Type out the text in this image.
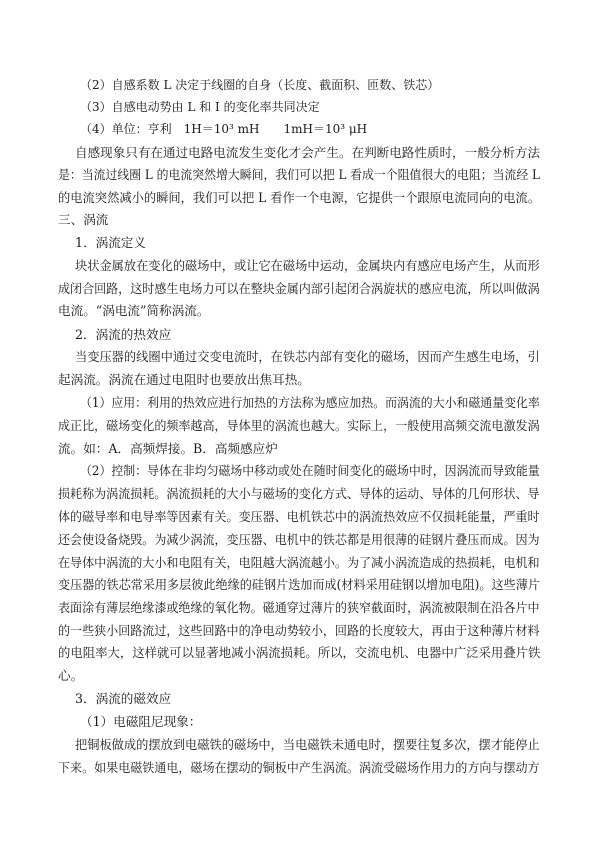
（2）自感系数 L 决定于线圈的自身（长度、截面积、匝数、铁芯）
（3）自感电动势由 L 和 I 的变化率共同决定
（4）单位：亨利　1H＝10³ mH　　1mH＝10³ μH
自感现象只有在通过电路电流发生变化才会产生。在判断电路性质时，一般分析方法
是：当流过线圈 L 的电流突然增大瞬间，我们可以把 L 看成一个阻值很大的电阻；当流经 L
的电流突然减小的瞬间，我们可以把 L 看作一个电源，它提供一个跟原电流同向的电流。
三、涡流
1．涡流定义
块状金属放在变化的磁场中，或让它在磁场中运动，金属块内有感应电场产生，从而形
成闭合回路，这时感生电场力可以在整块金属内部引起闭合涡旋状的感应电流，所以叫做涡
电流。“涡电流”简称涡流。
2．涡流的热效应
当变压器的线圈中通过交变电流时，在铁芯内部有变化的磁场，因而产生感生电场，引
起涡流。涡流在通过电阻时也要放出焦耳热。
（1）应用：利用的热效应进行加热的方法称为感应加热。而涡流的大小和磁通量变化率
成正比，磁场变化的频率越高，导体里的涡流也越大。实际上，一般使用高频交流电激发涡
流。如：A．高频焊接。B．高频感应炉
（2）控制：导体在非均匀磁场中移动或处在随时间变化的磁场中时，因涡流而导致能量
损耗称为涡流损耗。涡流损耗的大小与磁场的变化方式、导体的运动、导体的几何形状、导
体的磁导率和电导率等因素有关。变压器、电机铁芯中的涡流热效应不仅损耗能量，严重时
还会使设备烧毁。为减少涡流，变压器、电机中的铁芯都是用很薄的硅钢片叠压而成。因为
在导体中涡流的大小和电阻有关，电阻越大涡流越小。为了减小涡流造成的热损耗，电机和
变压器的铁芯常采用多层彼此绝缘的硅钢片迭加而成(材料采用硅钢以增加电阻)。这些薄片
表面涂有薄层绝缘漆或绝缘的氧化物。磁通穿过薄片的狭窄截面时，涡流被限制在沿各片中
的一些狭小回路流过，这些回路中的净电动势较小，回路的长度较大，再由于这种薄片材料
的电阻率大，这样就可以显著地减小涡流损耗。所以，交流电机、电器中广泛采用叠片铁
心。
3．涡流的磁效应
（1）电磁阻尼现象：
把铜板做成的摆放到电磁铁的磁场中，当电磁铁未通电时，摆要往复多次，摆才能停止
下来。如果电磁铁通电，磁场在摆动的铜板中产生涡流。涡流受磁场作用力的方向与摆动方
